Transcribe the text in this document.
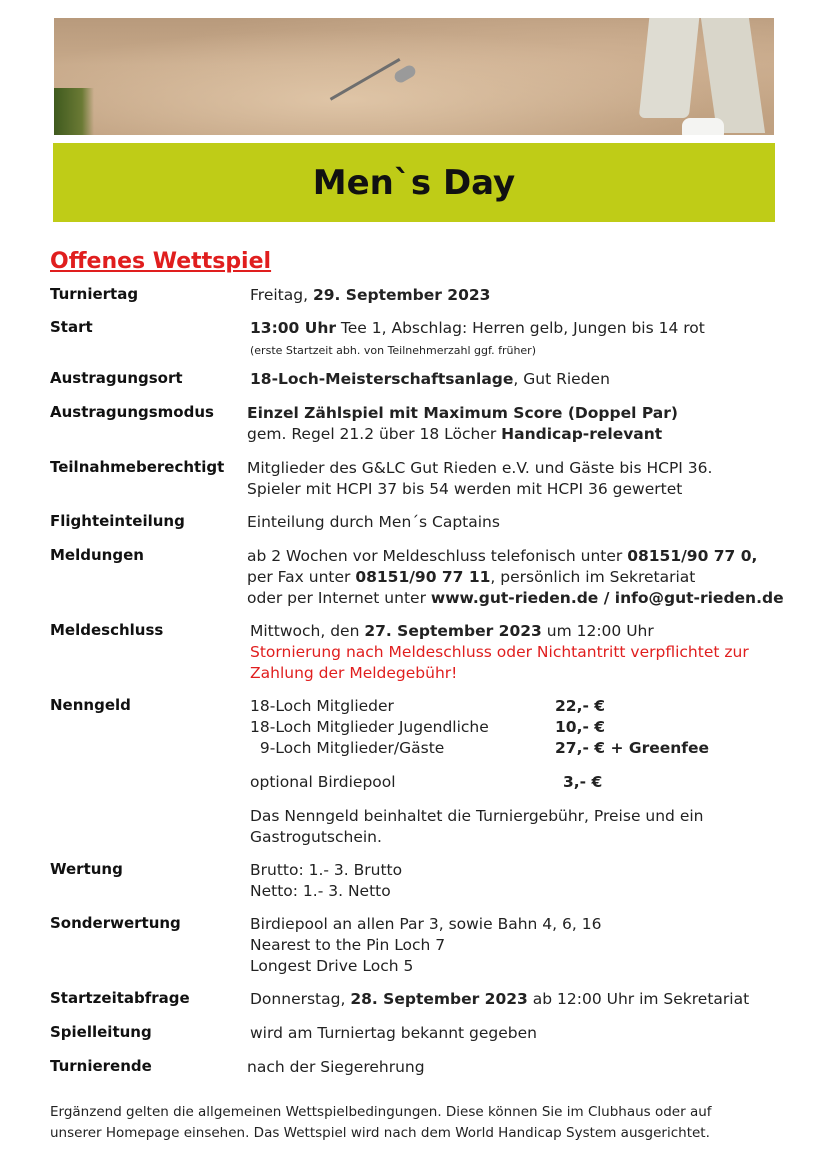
Men`s Day
Offenes Wettspiel
Turniertag	Freitag, 29. September 2023
Start	13:00 Uhr Tee 1, Abschlag: Herren gelb, Jungen bis 14 rot
(erste Startzeit abh. von Teilnehmerzahl ggf. früher)
Austragungsort	18-Loch-Meisterschaftsanlage, Gut Rieden
Austragungsmodus Einzel Zählspiel mit Maximum Score (Doppel Par)
gem. Regel 21.2 über 18 Löcher Handicap-relevant
Teilnahmeberechtigt Mitglieder des G&LC Gut Rieden e.V. und Gäste bis HCPI 36.
Spieler mit HCPI 37 bis 54 werden mit HCPI 36 gewertet
Flighteinteilung	Einteilung durch Men´s Captains
Meldungen	ab 2 Wochen vor Meldeschluss telefonisch unter 08151/90 77 0,
per Fax unter 08151/90 77 11, persönlich im Sekretariat
oder per Internet unter www.gut-rieden.de / info@gut-rieden.de
Meldeschluss	Mittwoch, den 27. September 2023 um 12:00 Uhr
Stornierung nach Meldeschluss oder Nichtantritt verpflichtet zur
Zahlung der Meldegebühr!
Nenngeld	18-Loch Mitglieder	22,- €
18-Loch Mitglieder Jugendliche	10,- €
9-Loch Mitglieder/Gäste	27,- € + Greenfee
optional Birdiepool	3,- €
Das Nenngeld beinhaltet die Turniergebühr, Preise und ein
Gastrogutschein.
Wertung	Brutto: 1.- 3. Brutto
Netto: 1.- 3. Netto
Sonderwertung	Birdiepool an allen Par 3, sowie Bahn 4, 6, 16
Nearest to the Pin Loch 7
Longest Drive Loch 5
Startzeitabfrage	Donnerstag, 28. September 2023 ab 12:00 Uhr im Sekretariat
Spielleitung	wird am Turniertag bekannt gegeben
Turnierende	nach der Siegerehrung
Ergänzend gelten die allgemeinen Wettspielbedingungen. Diese können Sie im Clubhaus oder auf
unserer Homepage einsehen. Das Wettspiel wird nach dem World Handicap System ausgerichtet.
